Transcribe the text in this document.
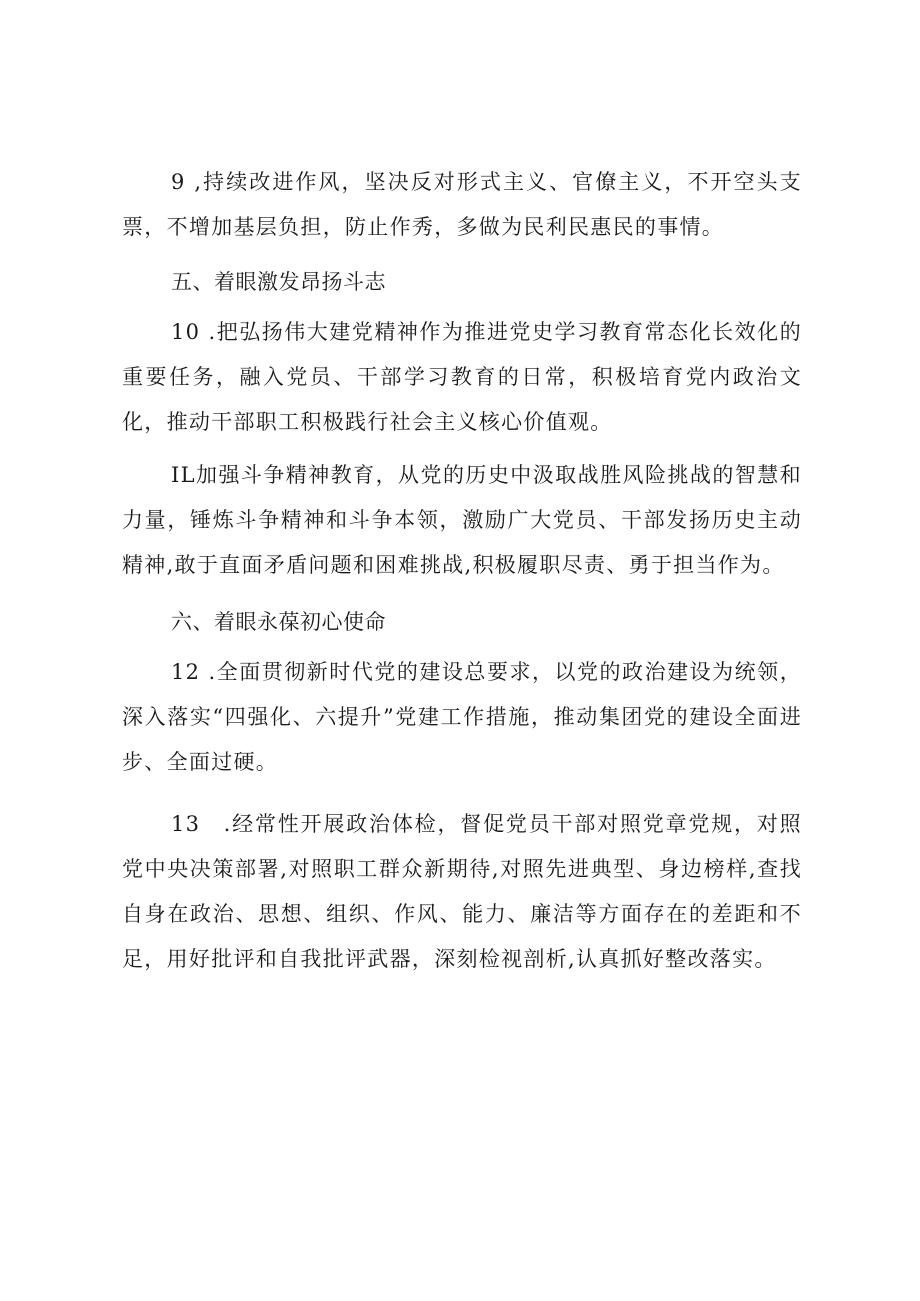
9 ,持续改进作风，坚决反对形式主义、官僚主义，不开空头支票，不增加基层负担，防止作秀，多做为民利民惠民的事情。

五、着眼激发昂扬斗志

10 .把弘扬伟大建党精神作为推进党史学习教育常态化长效化的重要任务，融入党员、干部学习教育的日常，积极培育党内政治文化，推动干部职工积极践行社会主义核心价值观。

IL加强斗争精神教育，从党的历史中汲取战胜风险挑战的智慧和力量，锤炼斗争精神和斗争本领，激励广大党员、干部发扬历史主动精神,敢于直面矛盾问题和困难挑战,积极履职尽责、勇于担当作为。

六、着眼永葆初心使命

12 .全面贯彻新时代党的建设总要求，以党的政治建设为统领，深入落实“四强化、六提升”党建工作措施，推动集团党的建设全面进步、全面过硬。

13　.经常性开展政治体检，督促党员干部对照党章党规，对照党中央决策部署,对照职工群众新期待,对照先进典型、身边榜样,查找自身在政治、思想、组织、作风、能力、廉洁等方面存在的差距和不足，用好批评和自我批评武器，深刻检视剖析,认真抓好整改落实。
